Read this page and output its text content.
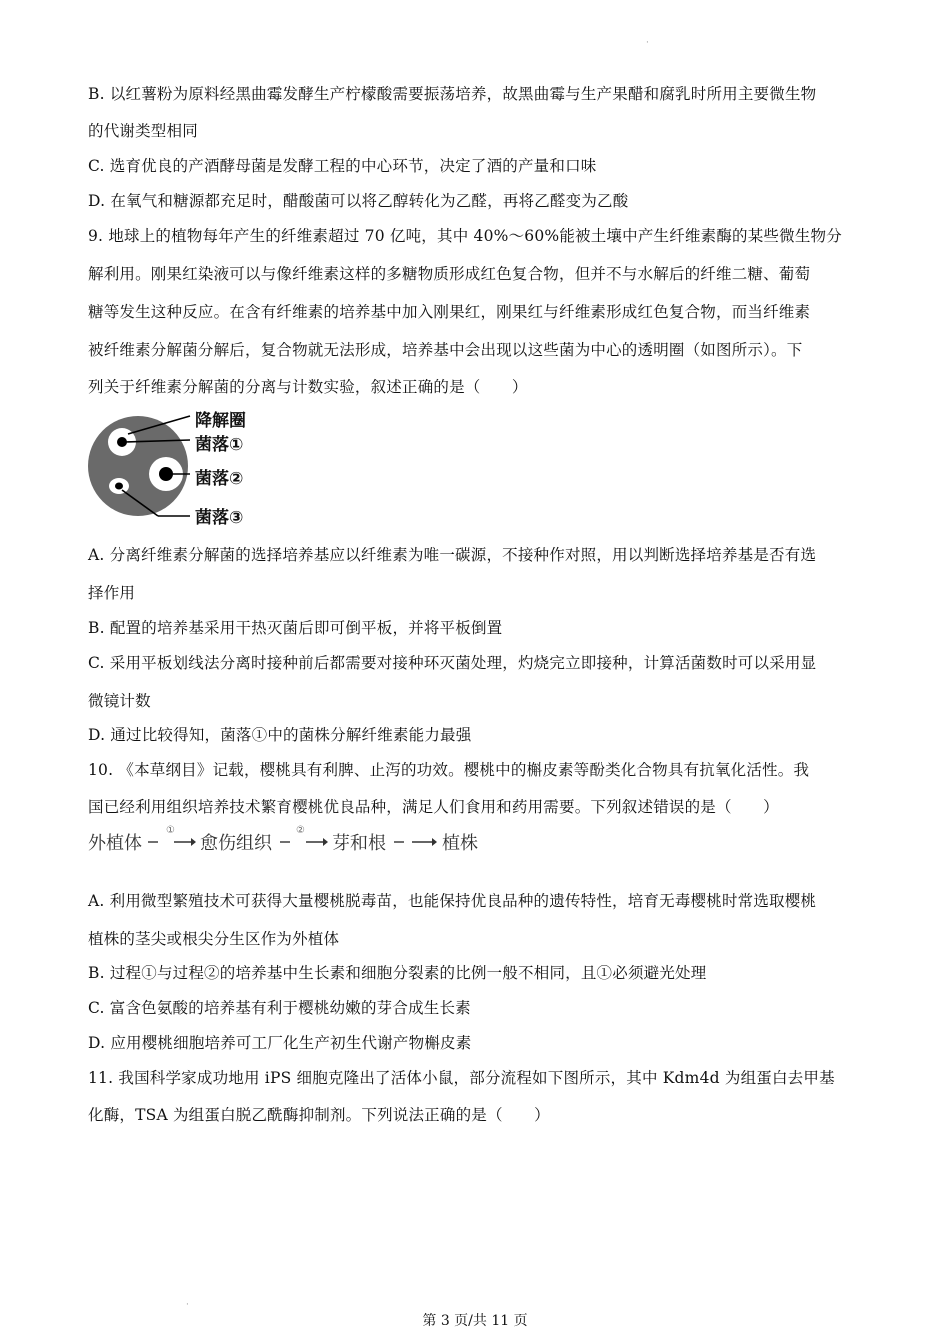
·
B. 以红薯粉为原料经黑曲霉发酵生产柠檬酸需要振荡培养，故黑曲霉与生产果醋和腐乳时所用主要微生物
的代谢类型相同
C. 选育优良的产酒酵母菌是发酵工程的中心环节，决定了酒的产量和口味
D. 在氧气和糖源都充足时，醋酸菌可以将乙醇转化为乙醛，再将乙醛变为乙酸
9. 地球上的植物每年产生的纤维素超过 70 亿吨，其中 40%～60%能被土壤中产生纤维素酶的某些微生物分
解利用。刚果红染液可以与像纤维素这样的多糖物质形成红色复合物，但并不与水解后的纤维二糖、葡萄
糖等发生这种反应。在含有纤维素的培养基中加入刚果红，刚果红与纤维素形成红色复合物，而当纤维素
被纤维素分解菌分解后，复合物就无法形成，培养基中会出现以这些菌为中心的透明圈（如图所示）。下
列关于纤维素分解菌的分离与计数实验，叙述正确的是（　　）
降解圈
菌落①
菌落②
菌落③
A. 分离纤维素分解菌的选择培养基应以纤维素为唯一碳源，不接种作对照，用以判断选择培养基是否有选
择作用
B. 配置的培养基采用干热灭菌后即可倒平板，并将平板倒置
C. 采用平板划线法分离时接种前后都需要对接种环灭菌处理，灼烧完立即接种，计算活菌数时可以采用显
微镜计数
D. 通过比较得知，菌落①中的菌株分解纤维素能力最强
10. 《本草纲目》记载，樱桃具有利脾、止泻的功效。樱桃中的槲皮素等酚类化合物具有抗氧化活性。我
国已经利用组织培养技术繁育樱桃优良品种，满足人们食用和药用需要。下列叙述错误的是（　　）
外植体
①
愈伤组织
②
芽和根	植株
A. 利用微型繁殖技术可获得大量樱桃脱毒苗，也能保持优良品种的遗传特性，培育无毒樱桃时常选取樱桃
植株的茎尖或根尖分生区作为外植体
B. 过程①与过程②的培养基中生长素和细胞分裂素的比例一般不相同，且①必须避光处理
C. 富含色氨酸的培养基有利于樱桃幼嫩的芽合成生长素
D. 应用樱桃细胞培养可工厂化生产初生代谢产物槲皮素
11. 我国科学家成功地用 iPS 细胞克隆出了活体小鼠，部分流程如下图所示，其中 Kdm4d 为组蛋白去甲基
化酶，TSA 为组蛋白脱乙酰酶抑制剂。下列说法正确的是（　　）
·
第 3 页/共 11 页
